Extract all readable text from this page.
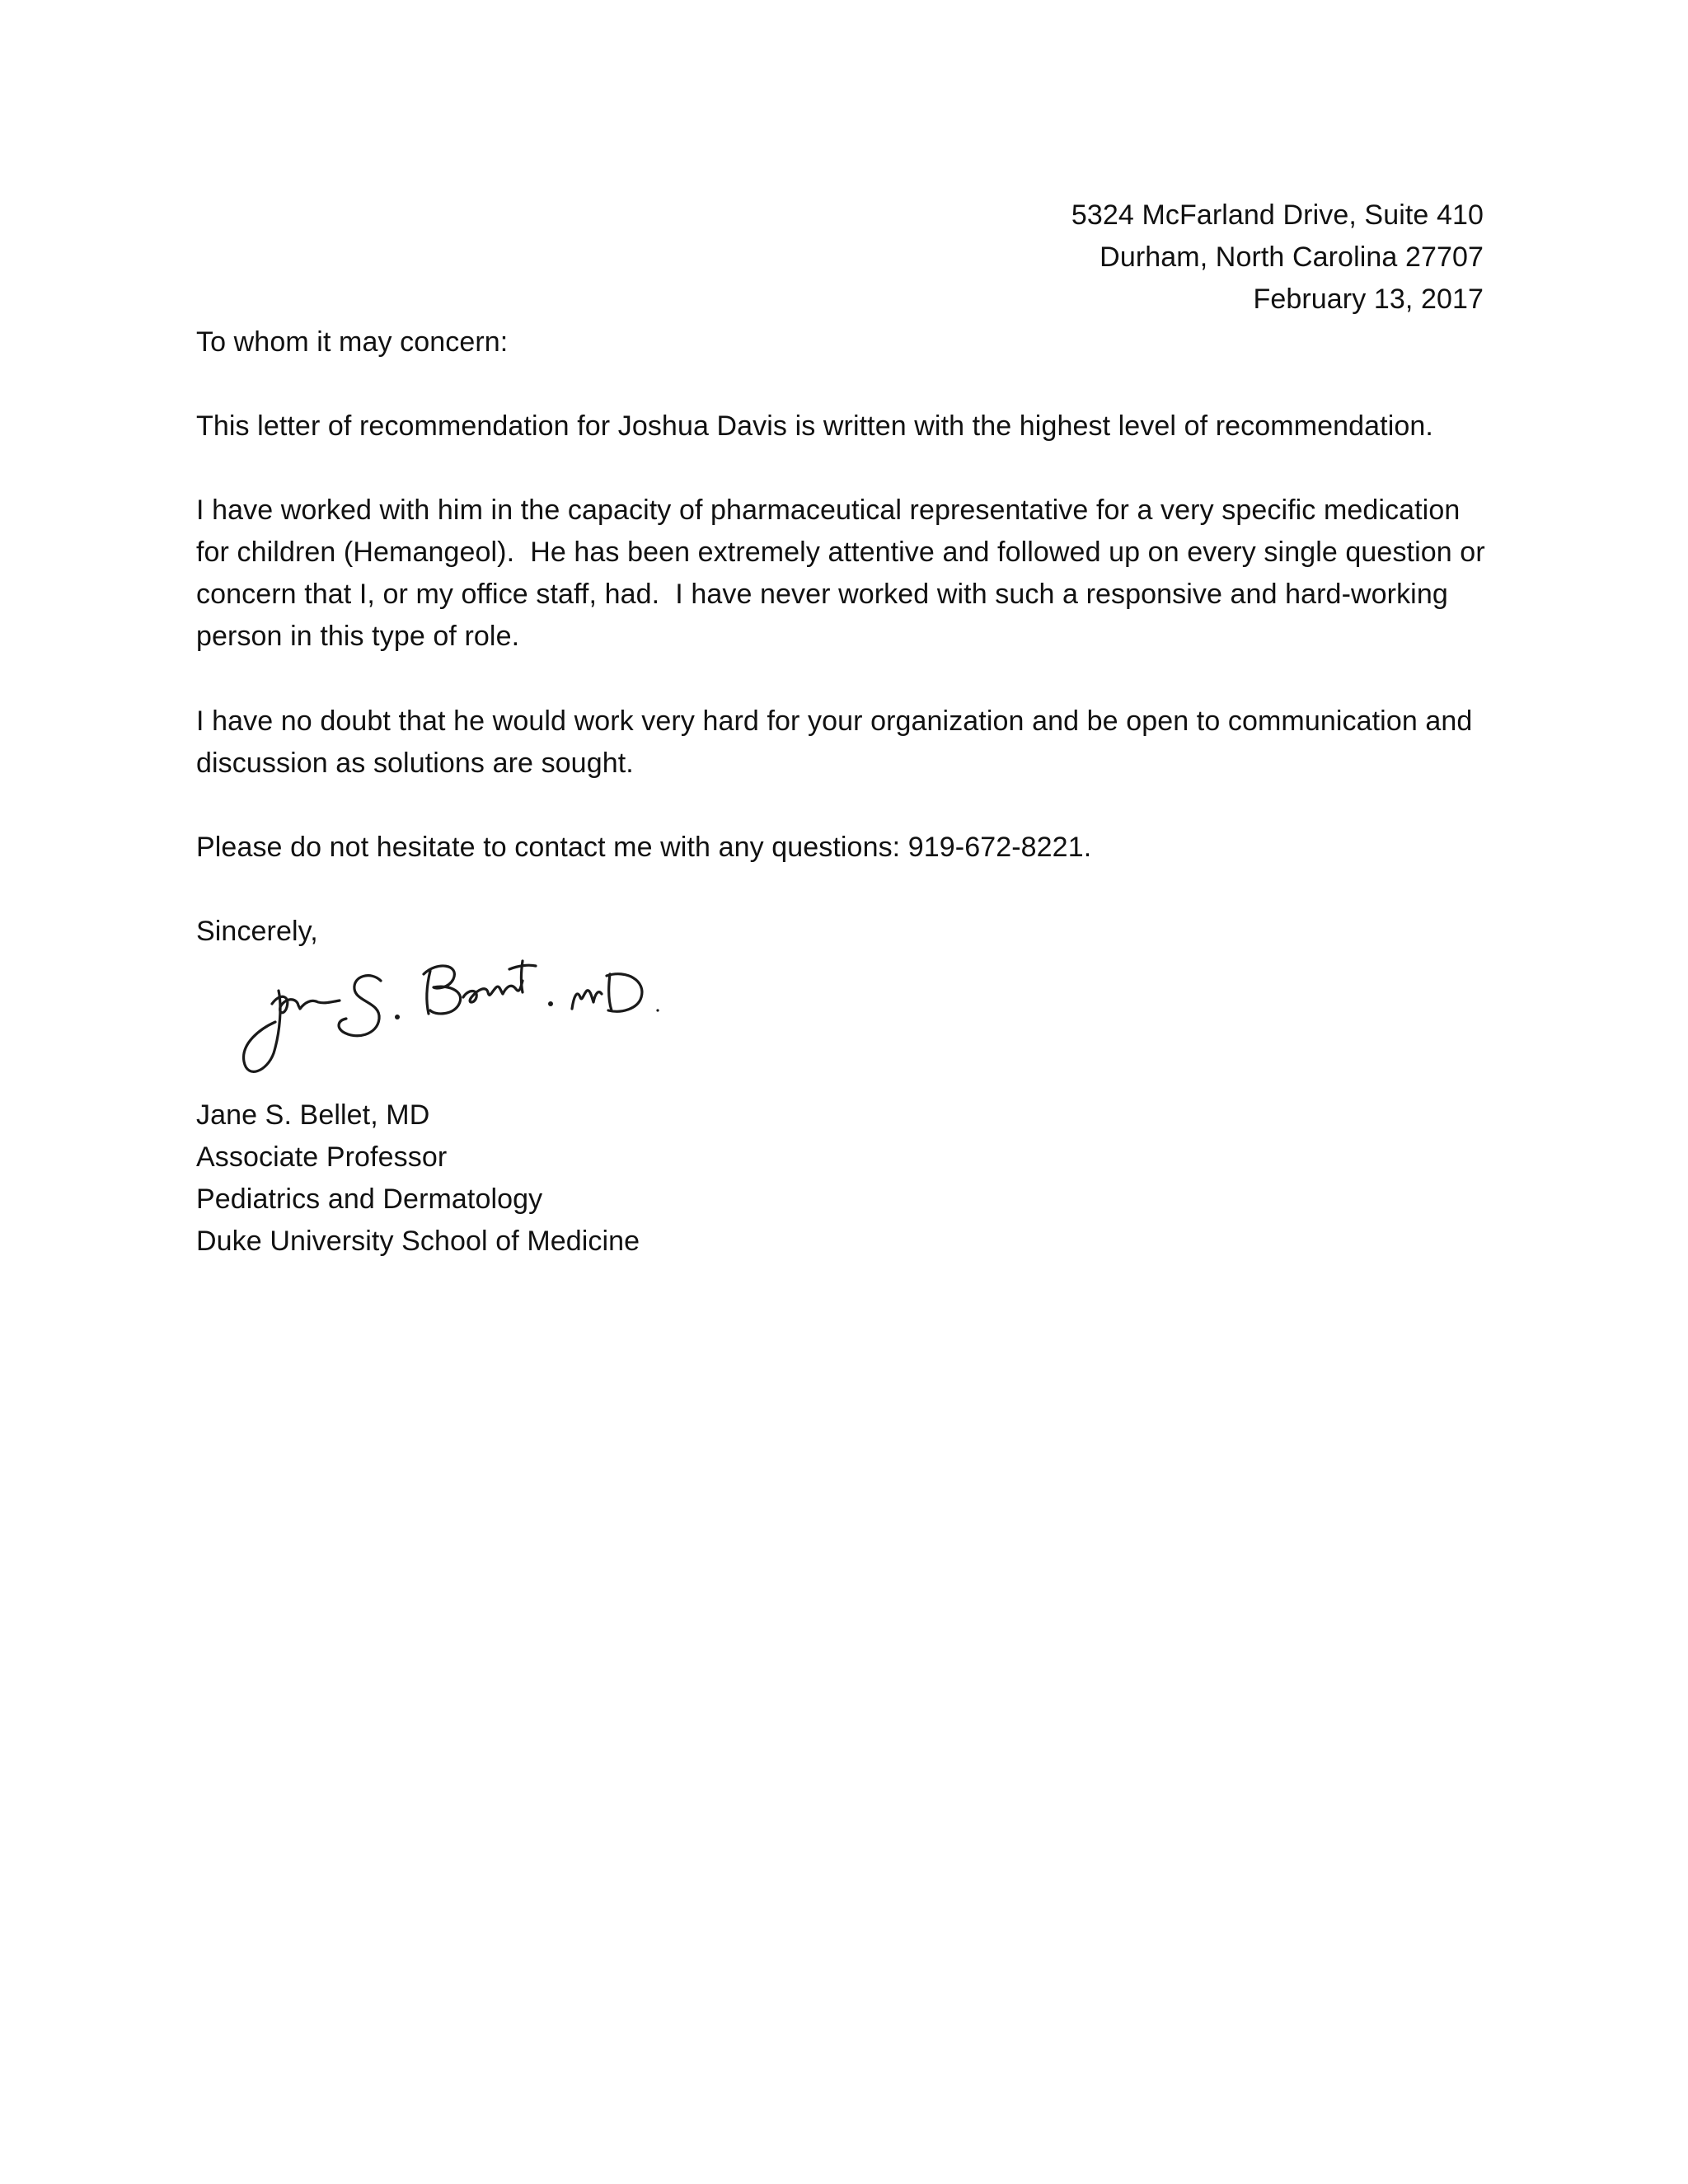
5324 McFarland Drive, Suite 410
Durham, North Carolina 27707
February 13, 2017
To whom it may concern:
This letter of recommendation for Joshua Davis is written with the highest level of recommendation.
I have worked with him in the capacity of pharmaceutical representative for a very specific medication
for children (Hemangeol).  He has been extremely attentive and followed up on every single question or
concern that I, or my office staff, had.  I have never worked with such a responsive and hard-working
person in this type of role.
I have no doubt that he would work very hard for your organization and be open to communication and
discussion as solutions are sought.
Please do not hesitate to contact me with any questions: 919-672-8221.
Sincerely,
Jane S. Bellet, MD
Associate Professor
Pediatrics and Dermatology
Duke University School of Medicine
